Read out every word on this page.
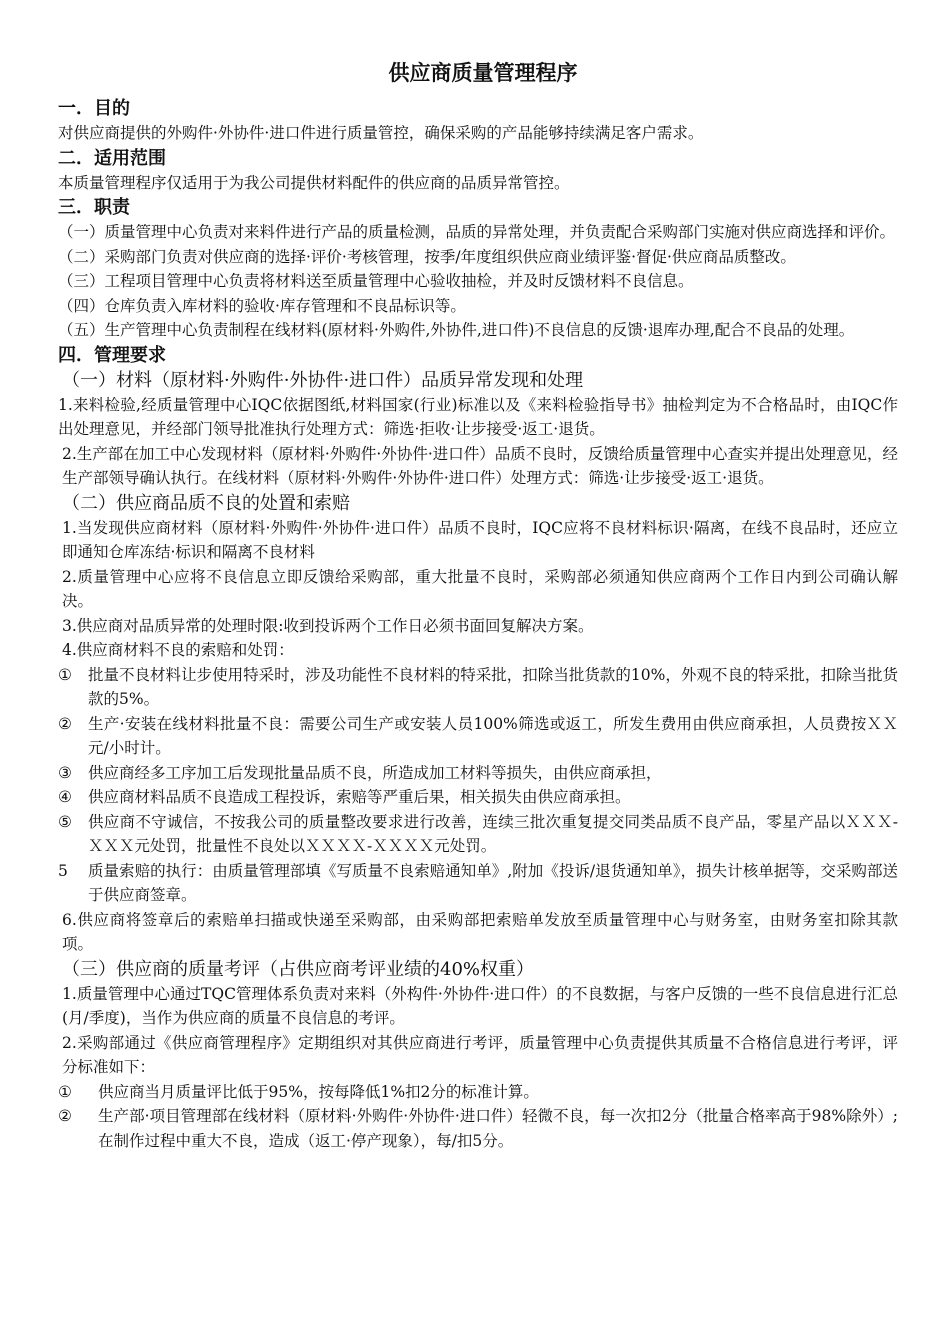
供应商质量管理程序
一．目的
对供应商提供的外购件·外协件·进口件进行质量管控，确保采购的产品能够持续满足客户需求。
二．适用范围
本质量管理程序仅适用于为我公司提供材料配件的供应商的品质异常管控。
三．职责
（一）质量管理中心负责对来料件进行产品的质量检测，品质的异常处理，并负责配合采购部门实施对供应商选择和评价。
（二）采购部门负责对供应商的选择·评价·考核管理，按季/年度组织供应商业绩评鉴·督促·供应商品质整改。
（三）工程项目管理中心负责将材料送至质量管理中心验收抽检，并及时反馈材料不良信息。
（四）仓库负责入库材料的验收·库存管理和不良品标识等。
（五）生产管理中心负责制程在线材料(原材料·外购件,外协件,进口件)不良信息的反馈·退库办理,配合不良品的处理。
四．管理要求
（一）材料（原材料·外购件·外协件·进口件）品质异常发现和处理
1.来料检验,经质量管理中心IQC依据图纸,材料国家(行业)标准以及《来料检验指导书》抽检判定为不合格品时，由IQC作出处理意见，并经部门领导批准执行处理方式：筛选·拒收·让步接受·返工·退货。
2.生产部在加工中心发现材料（原材料·外购件·外协件·进口件）品质不良时，反馈给质量管理中心查实并提出处理意见，经生产部领导确认执行。在线材料（原材料·外购件·外协件·进口件）处理方式：筛选·让步接受·返工·退货。
（二）供应商品质不良的处置和索赔
1.当发现供应商材料（原材料·外购件·外协件·进口件）品质不良时，IQC应将不良材料标识·隔离，在线不良品时，还应立即通知仓库冻结·标识和隔离不良材料
2.质量管理中心应将不良信息立即反馈给采购部，重大批量不良时，采购部必须通知供应商两个工作日内到公司确认解决。
3.供应商对品质异常的处理时限:收到投诉两个工作日必须书面回复解决方案。
4.供应商材料不良的索赔和处罚：
①	批量不良材料让步使用特采时，涉及功能性不良材料的特采批，扣除当批货款的10%，外观不良的特采批，扣除当批货款的5%。
②	生产·安装在线材料批量不良：需要公司生产或安装人员100%筛选或返工，所发生费用由供应商承担，人员费按ＸＸ元/小时计。
③	供应商经多工序加工后发现批量品质不良，所造成加工材料等损失，由供应商承担，
④	供应商材料品质不良造成工程投诉，索赔等严重后果，相关损失由供应商承担。
⑤	供应商不守诚信，不按我公司的质量整改要求进行改善，连续三批次重复提交同类品质不良产品，零星产品以ＸＸＸ-ＸＸＸ元处罚，批量性不良处以ＸＸＸＸ-ＸＸＸＸ元处罚。
5	质量索赔的执行：由质量管理部填《写质量不良索赔通知单》,附加《投诉/退货通知单》，损失计核单据等，交采购部送于供应商签章。
6.供应商将签章后的索赔单扫描或快递至采购部，由采购部把索赔单发放至质量管理中心与财务室，由财务室扣除其款项。
（三）供应商的质量考评（占供应商考评业绩的40%权重）
1.质量管理中心通过TQC管理体系负责对来料（外构件·外协件·进口件）的不良数据，与客户反馈的一些不良信息进行汇总(月/季度)，当作为供应商的质量不良信息的考评。
2.采购部通过《供应商管理程序》定期组织对其供应商进行考评，质量管理中心负责提供其质量不合格信息进行考评，评分标准如下：
①	供应商当月质量评比低于95%，按每降低1%扣2分的标准计算。
②	生产部·项目管理部在线材料（原材料·外购件·外协件·进口件）轻微不良，每一次扣2分（批量合格率高于98%除外）;在制作过程中重大不良，造成（返工·停产现象），每/扣5分。
